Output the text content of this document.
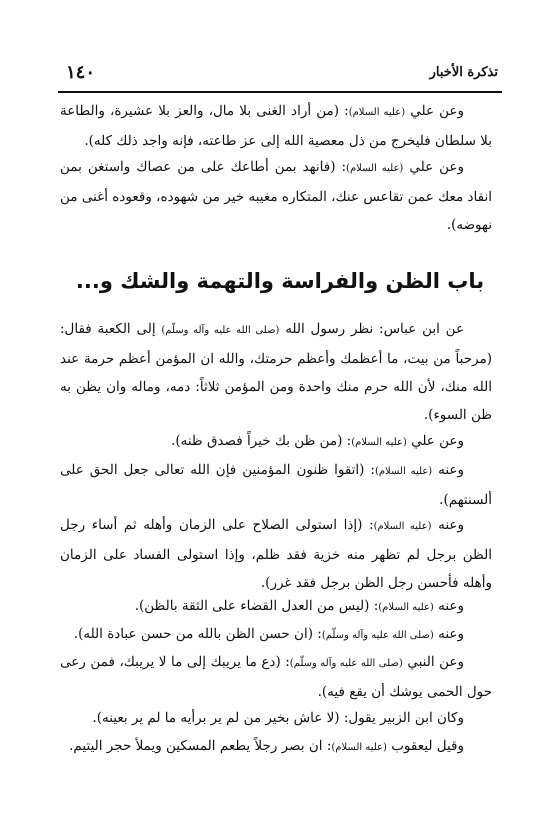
تذكرة الأخبار
١٤٠

وعن علي (عليه السلام): (من أراد الغنى بلا مال، والعز بلا عشيرة، والطاعة بلا سلطان فليخرج من ذل معصية الله إلى عز طاعته، فإنه واجد ذلك كله).

وعن علي (عليه السلام): (فانهد بمن أطاعك على من عصاك واستغن بمن انقاد معك عمن تقاعس عنك، المتكاره مغيبه خير من شهوده، وقعوده أغنى من نهوضه).

باب الظن والفراسة والتهمة والشك و...

عن ابن عباس: نظر رسول الله (صلى الله عليه وآله وسلّم) إلى الكعبة فقال: (مرحباً من بيت، ما أعظمك وأعظم حرمتك، والله ان المؤمن أعظم حرمة عند الله منك، لأن الله حرم منك واحدة ومن المؤمن ثلاثاً: دمه، وماله وان يظن به ظن السوء).

وعن علي (عليه السلام): (من ظن بك خيراً فصدق ظنه).

وعنه (عليه السلام): (اتقوا ظنون المؤمنين فإن الله تعالى جعل الحق على ألسنتهم).

وعنه (عليه السلام): (إذا استولى الصلاح على الزمان وأهله ثم أساء رجل الظن برجل لم تظهر منه خزية فقد ظلم، وإذا استولى الفساد على الزمان وأهله فأحسن رجل الظن برجل فقد غرر).

وعنه (عليه السلام): (ليس من العدل القضاء على الثقة بالظن).

وعنه (صلى الله عليه وآله وسلّم): (ان حسن الظن بالله من حسن عبادة الله).

وعن النبي (صلى الله عليه وآله وسلّم): (دع ما يريبك إلى ما لا يريبك، فمن رعى حول الحمى يوشك أن يقع فيه).

وكان ابن الزبير يقول: (لا عاش بخير من لم ير برأيه ما لم ير بعينه).

وقيل ليعقوب (عليه السلام): ان بصر رجلاً يطعم المسكين ويملأ حجر اليتيم.
